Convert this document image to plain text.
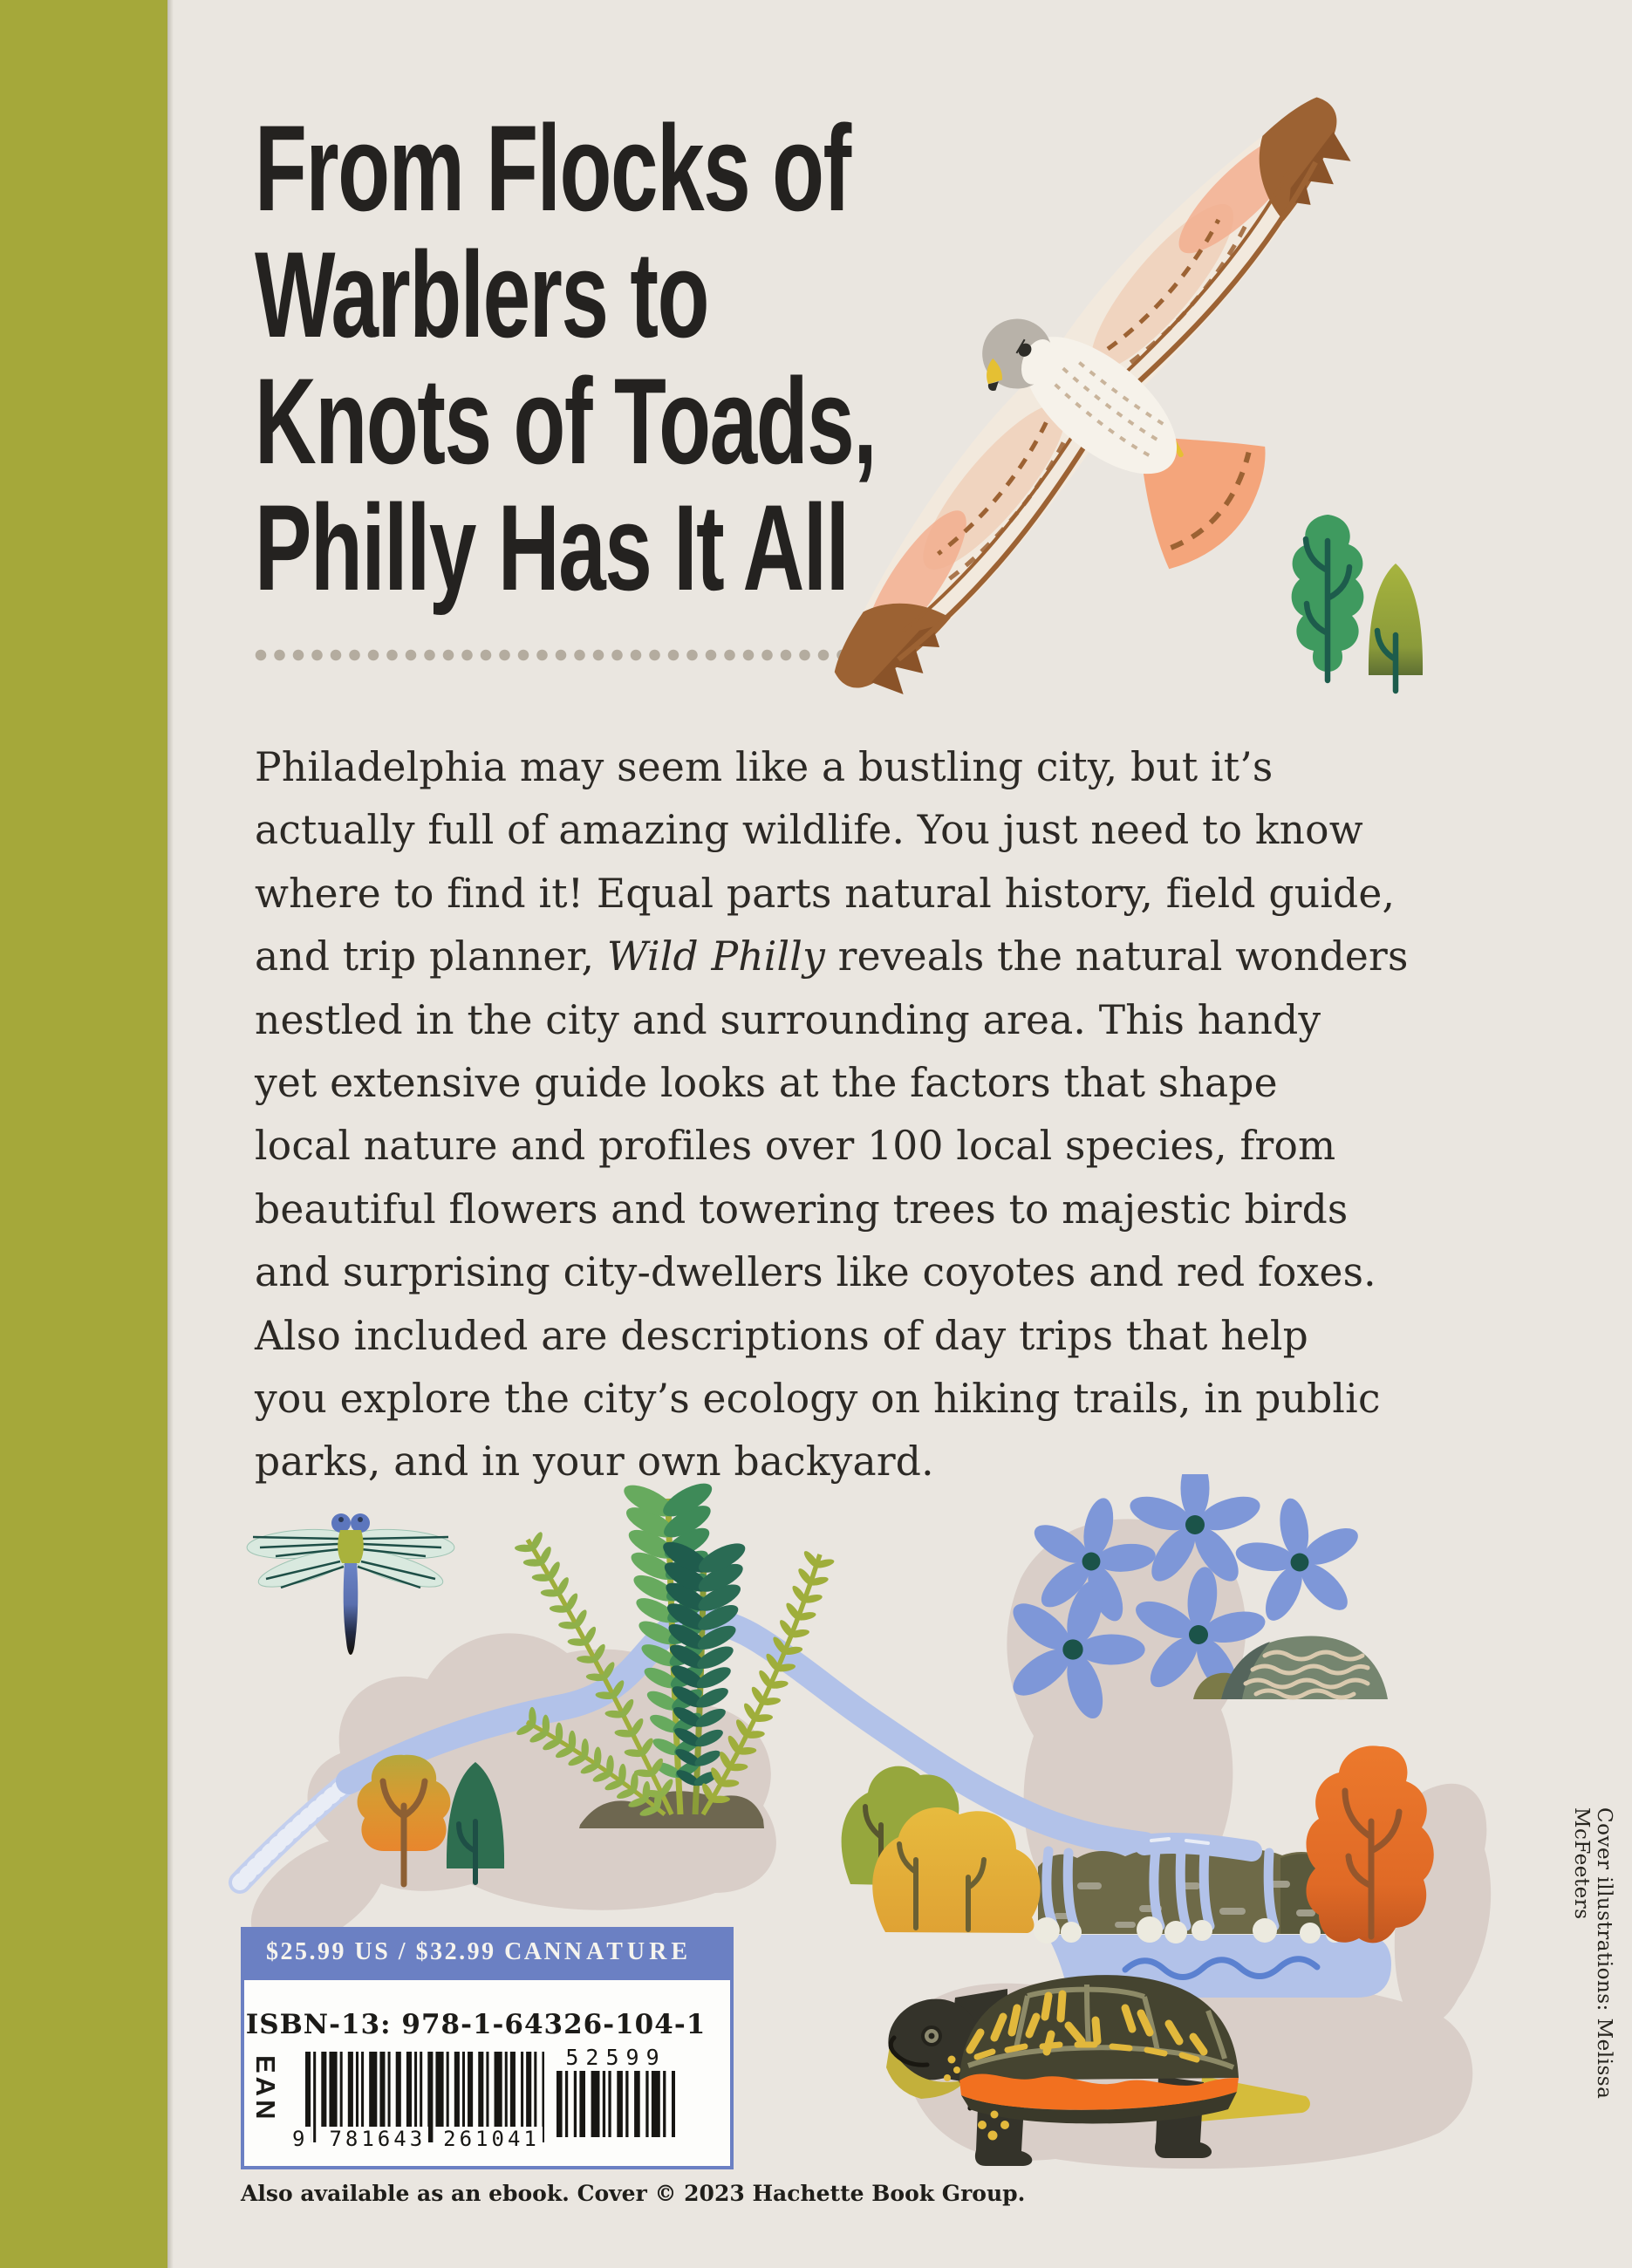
From Flocks of
Warblers to
Knots of Toads,
Philly Has It All
Philadelphia may seem like a bustling city, but it’s
actually full of amazing wildlife. You just need to know
where to find it! Equal parts natural history, field guide,
and trip planner, Wild Philly reveals the natural wonders
nestled in the city and surrounding area. This handy
yet extensive guide looks at the factors that shape
local nature and profiles over 100 local species, from
beautiful flowers and towering trees to majestic birds
and surprising city-dwellers like coyotes and red foxes.
Also included are descriptions of day trips that help
you explore the city’s ecology on hiking trails, in public
parks, and in your own backyard.
$25.99 US / $32.99 CAN NATURE
ISBN-13: 978-1-64326-104-1
EAN
9 781643 261041
52599
Also available as an ebook. Cover © 2023 Hachette Book Group.
Cover illustrations: Melissa McFeeters
